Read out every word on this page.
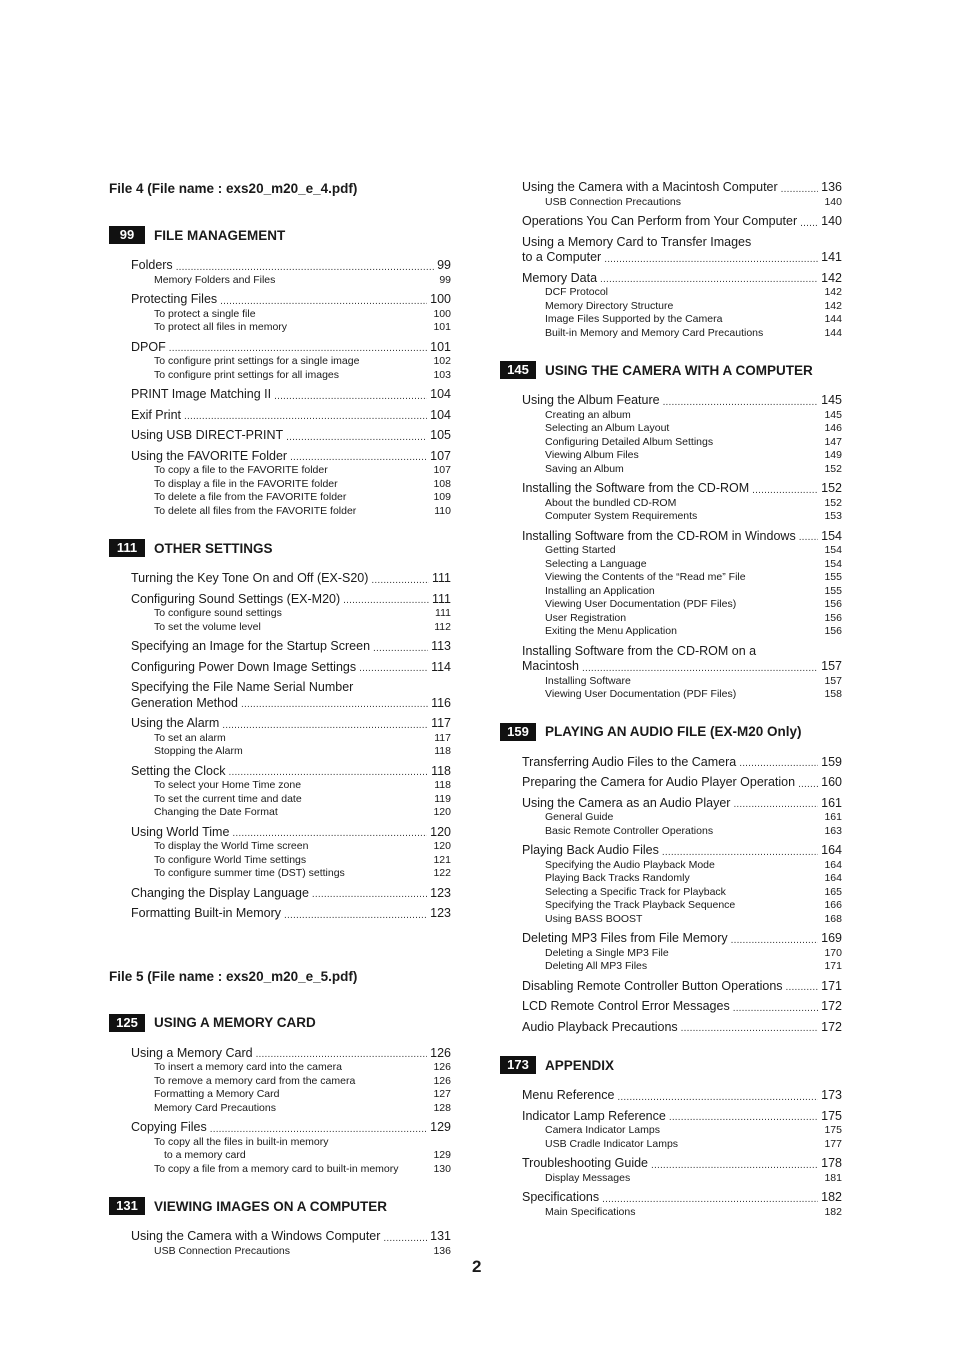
File 4 (File name : exs20_m20_e_4.pdf)
99	FILE MANAGEMENT
Folders .....	99
Memory Folders and Files	99
Protecting Files .....	100
To protect a single file	100
To protect all files in memory	101
DPOF .....	101
To configure print settings for a single image	102
To configure print settings for all images	103
PRINT Image Matching II .....	104
Exif Print .....	104
Using USB DIRECT-PRINT .....	105
Using the FAVORITE Folder .....	107
To copy a file to the FAVORITE folder	107
To display a file in the FAVORITE folder	108
To delete a file from the FAVORITE folder	109
To delete all files from the FAVORITE folder	110
111	OTHER SETTINGS
Turning the Key Tone On and Off (EX-S20) .....	111
Configuring Sound Settings (EX-M20) .....	111
To configure sound settings	111
To set the volume level	112
Specifying an Image for the Startup Screen .....	113
Configuring Power Down Image Settings .....	114
Specifying the File Name Serial Number
Generation Method .....	116
Using the Alarm .....	117
To set an alarm	117
Stopping the Alarm	118
Setting the Clock .....	118
To select your Home Time zone	118
To set the current time and date	119
Changing the Date Format	120
Using World Time .....	120
To display the World Time screen	120
To configure World Time settings	121
To configure summer time (DST) settings	122
Changing the Display Language .....	123
Formatting Built-in Memory .....	123
File 5 (File name : exs20_m20_e_5.pdf)
125	USING A MEMORY CARD
Using a Memory Card .....	126
To insert a memory card into the camera	126
To remove a memory card from the camera	126
Formatting a Memory Card	127
Memory Card Precautions	128
Copying Files .....	129
To copy all the files in built-in memory
to a memory card	129
To copy a file from a memory card to built-in memory	130
131	VIEWING IMAGES ON A COMPUTER
Using the Camera with a Windows Computer .....	131
USB Connection Precautions	136
Using the Camera with a Macintosh Computer .....	136
USB Connection Precautions	140
Operations You Can Perform from Your Computer ..... 140
Using a Memory Card to Transfer Images
to a Computer .....	141
Memory Data .....	142
DCF Protocol	142
Memory Directory Structure	142
Image Files Supported by the Camera	144
Built-in Memory and Memory Card Precautions	144
145	USING THE CAMERA WITH A COMPUTER
Using the Album Feature .....	145
Creating an album	145
Selecting an Album Layout	146
Configuring Detailed Album Settings	147
Viewing Album Files	149
Saving an Album	152
Installing the Software from the CD-ROM .....	152
About the bundled CD-ROM	152
Computer System Requirements	153
Installing Software from the CD-ROM in Windows ..... 154
Getting Started	154
Selecting a Language	154
Viewing the Contents of the “Read me” File	155
Installing an Application	155
Viewing User Documentation (PDF Files)	156
User Registration	156
Exiting the Menu Application	156
Installing Software from the CD-ROM on a
Macintosh .....	157
Installing Software	157
Viewing User Documentation (PDF Files)	158
159	PLAYING AN AUDIO FILE (EX-M20 Only)
Transferring Audio Files to the Camera .....	159
Preparing the Camera for Audio Player Operation ..... 160
Using the Camera as an Audio Player .....	161
General Guide	161
Basic Remote Controller Operations	163
Playing Back Audio Files .....	164
Specifying the Audio Playback Mode	164
Playing Back Tracks Randomly	164
Selecting a Specific Track for Playback	165
Specifying the Track Playback Sequence	166
Using BASS BOOST	168
Deleting MP3 Files from File Memory .....	169
Deleting a Single MP3 File	170
Deleting All MP3 Files	171
Disabling Remote Controller Button Operations .....	171
LCD Remote Control Error Messages .....	172
Audio Playback Precautions .....	172
173	APPENDIX
Menu Reference .....	173
Indicator Lamp Reference .....	175
Camera Indicator Lamps	175
USB Cradle Indicator Lamps	177
Troubleshooting Guide .....	178
Display Messages	181
Specifications .....	182
Main Specifications	182
2
